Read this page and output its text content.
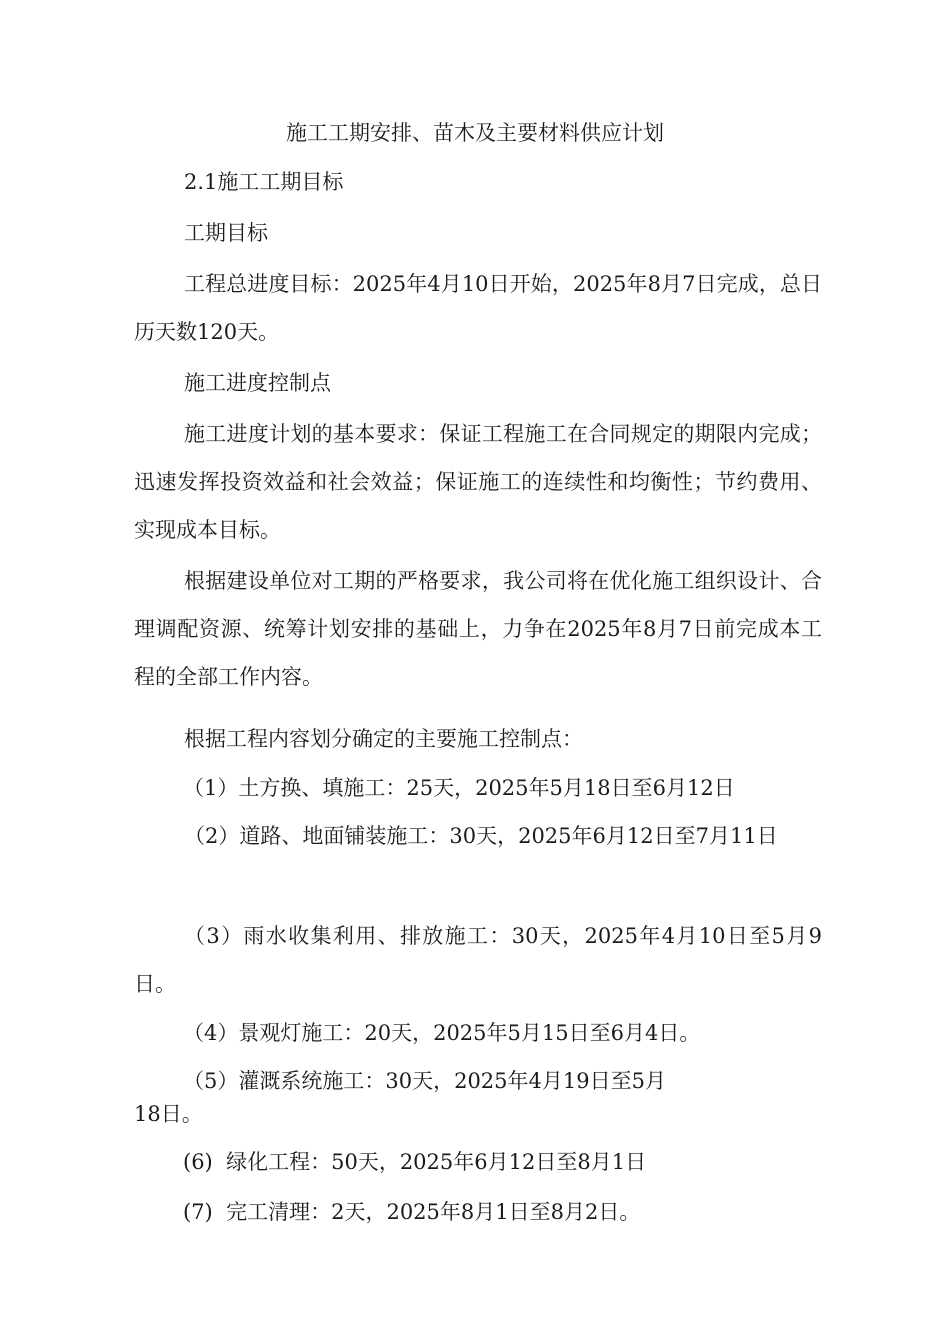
施工工期安排、苗木及主要材料供应计划
2.1施工工期目标
工期目标
工程总进度目标：2025年4月10日开始，2025年8月7日完成，总日历天数120天。
施工进度控制点
施工进度计划的基本要求：保证工程施工在合同规定的期限内完成；迅速发挥投资效益和社会效益；保证施工的连续性和均衡性；节约费用、实现成本目标。
根据建设单位对工期的严格要求，我公司将在优化施工组织设计、合理调配资源、统筹计划安排的基础上，力争在2025年8月7日前完成本工程的全部工作内容。
根据工程内容划分确定的主要施工控制点：
（1）土方换、填施工：25天，2025年5月18日至6月12日
（2）道路、地面铺装施工：30天，2025年6月12日至7月11日
（3）雨水收集利用、排放施工：30天，2025年4月10日至5月9日。
（4）景观灯施工：20天，2025年5月15日至6月4日。
（5）灌溉系统施工：30天，2025年4月19日至5月
18日。
(6)  绿化工程：50天，2025年6月12日至8月1日
(7)  完工清理：2天，2025年8月1日至8月2日。
